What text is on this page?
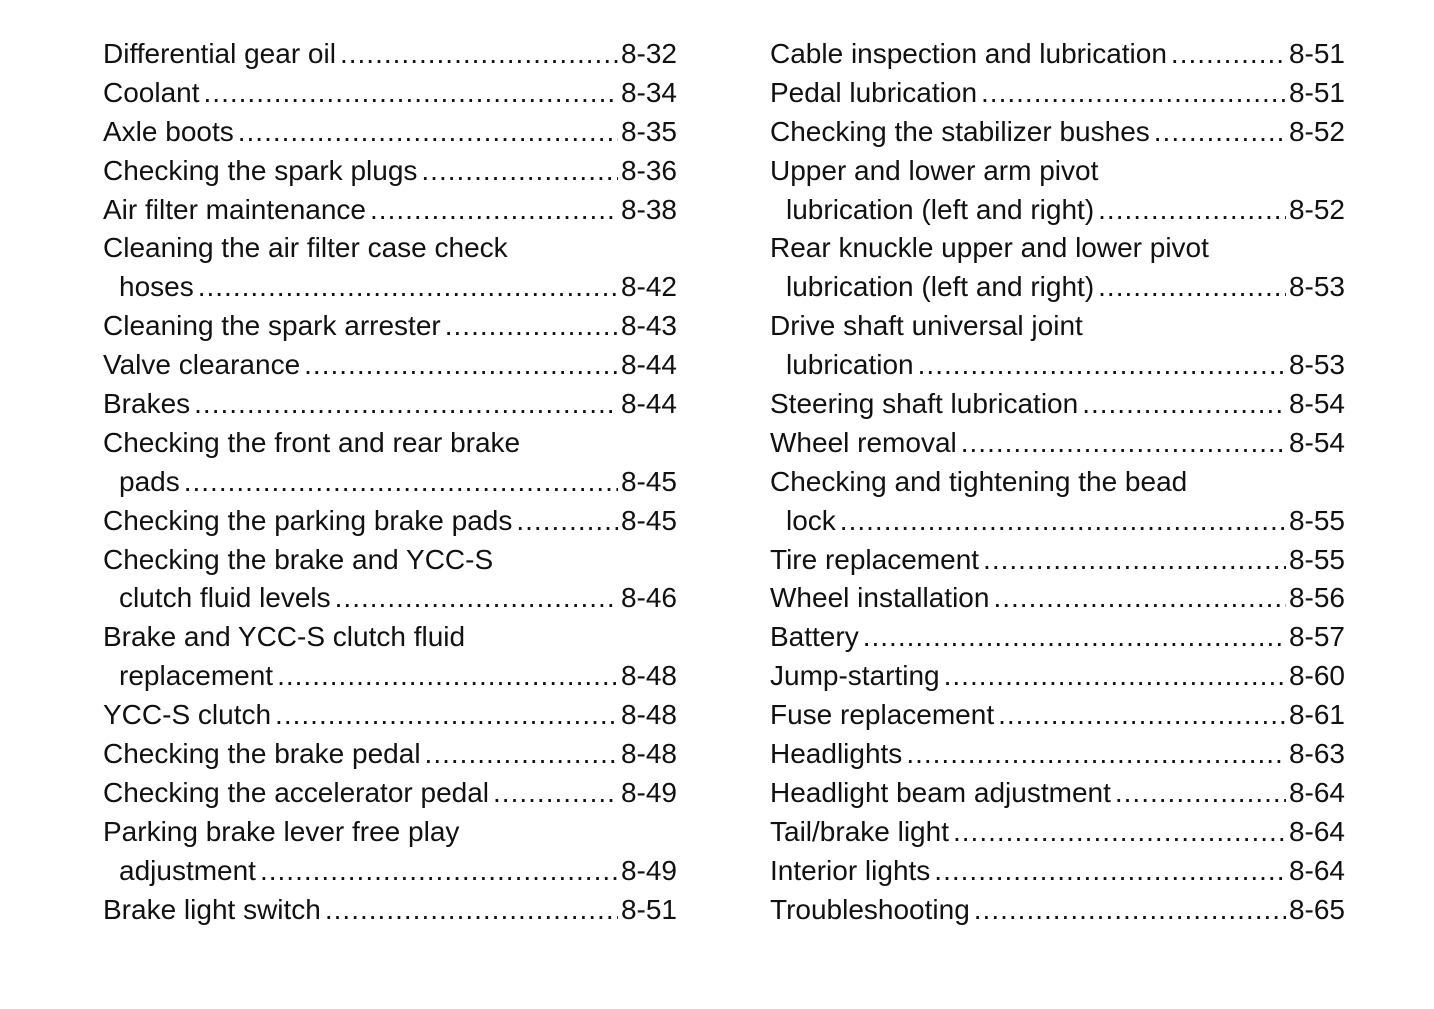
Differential gear oil .....	8-32
Coolant .....	8-34
Axle boots .....	8-35
Checking the spark plugs .....	8-36
Air filter maintenance .....	8-38
Cleaning the air filter case check
hoses .....	8-42
Cleaning the spark arrester .....	8-43
Valve clearance .....	8-44
Brakes .....	8-44
Checking the front and rear brake
pads .....	8-45
Checking the parking brake pads .....	8-45
Checking the brake and YCC-S
clutch fluid levels .....	8-46
Brake and YCC-S clutch fluid
replacement .....	8-48
YCC-S clutch .....	8-48
Checking the brake pedal .....	8-48
Checking the accelerator pedal .....	8-49
Parking brake lever free play
adjustment .....	8-49
Brake light switch .....	8-51
Cable inspection and lubrication .....	8-51
Pedal lubrication .....	8-51
Checking the stabilizer bushes .....	8-52
Upper and lower arm pivot
lubrication (left and right) .....	8-52
Rear knuckle upper and lower pivot
lubrication (left and right) .....	8-53
Drive shaft universal joint
lubrication .....	8-53
Steering shaft lubrication .....	8-54
Wheel removal .....	8-54
Checking and tightening the bead
lock .....	8-55
Tire replacement .....	8-55
Wheel installation .....	8-56
Battery .....	8-57
Jump-starting .....	8-60
Fuse replacement .....	8-61
Headlights .....	8-63
Headlight beam adjustment .....	8-64
Tail/brake light .....	8-64
Interior lights .....	8-64
Troubleshooting .....	8-65
